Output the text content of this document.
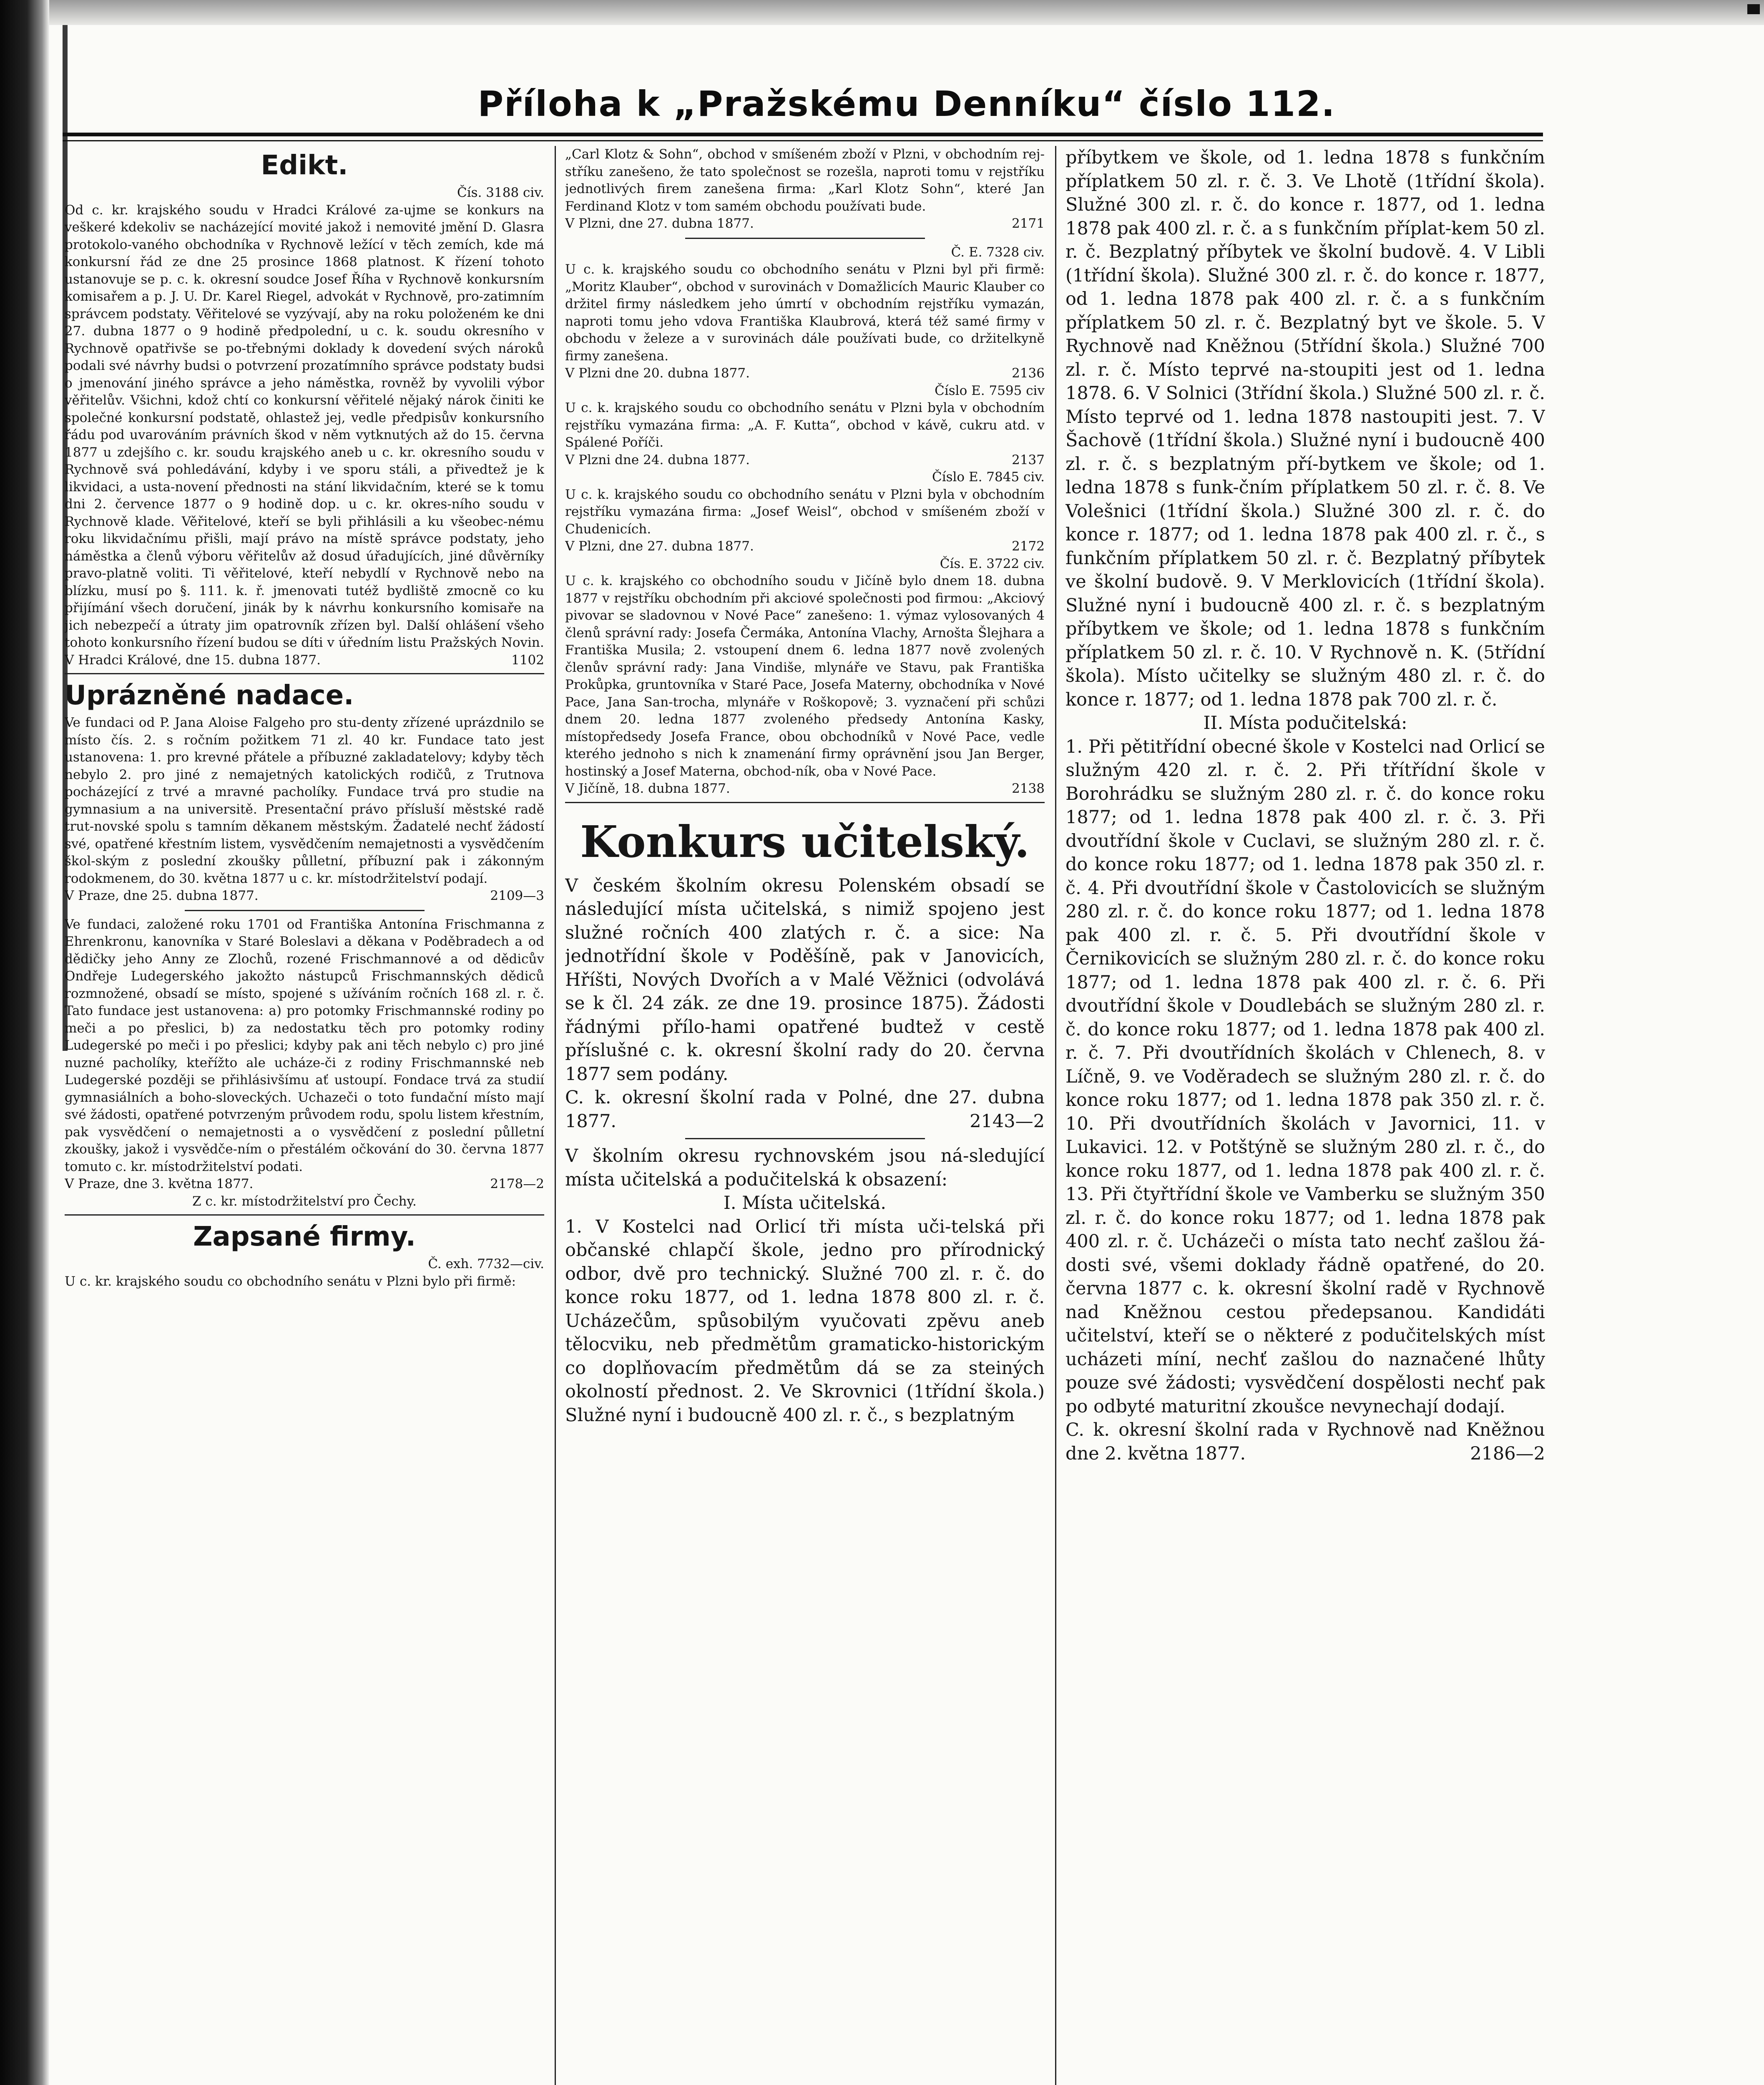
Příloha k „Pražskému Denníku“ číslo 112.
Edikt.

Čís. 3188 civ.

Od c. kr. krajského soudu v Hradci Králové za-ujme se konkurs na veškeré kdekoliv se nacházející movité jakož i nemovité jmění D. Glasra protokolo-vaného obchodníka v Rychnově ležící v těch zemích, kde má konkursní řád ze dne 25 prosince 1868 platnost. K řízení tohoto ustanovuje se p. c. k. okresní soudce Josef Říha v Rychnově konkursním komisařem a p. J. U. Dr. Karel Riegel, advokát v Rychnově, pro-zatimním správcem podstaty. Věřitelové se vyzývají, aby na roku položeném ke dni 27. dubna 1877 o 9 hodině předpolední, u c. k. soudu okresního v Rychnově opatřivše se po-třebnými doklady k dovedení svých nároků podali své návrhy budsi o potvrzení prozatímního správce podstaty budsi o jmenování jiného správce a jeho náměstka, rovněž by vyvolili výbor věřitelův. Všichni, kdož chtí co konkursní věřitelé nějaký nárok činiti ke společné konkursní podstatě, ohlastež jej, vedle předpisův konkursního řádu pod uvarováním právních škod v něm vytknutých až do 15. června 1877 u zdejšího c. kr. soudu krajského aneb u c. kr. okresního soudu v Rychnově svá pohledávání, kdyby i ve sporu stáli, a přivedtež je k likvidaci, a usta-novení přednosti na stání likvidačním, které se k tomu dni 2. července 1877 o 9 hodině dop. u c. kr. okres-ního soudu v Rychnově klade. Věřitelové, kteří se byli přihlásili a ku všeobec-nému roku likvidačnímu přišli, mají právo na místě správce podstaty, jeho náměstka a členů výboru věřitelův až dosud úřadujících, jiné důvěrníky pravo-platně voliti. Ti věřitelové, kteří nebydlí v Rychnově nebo na blízku, musí po §. 111. k. ř. jmenovati tutéž bydliště zmocně co ku přijímání všech doručení, jinák by k návrhu konkursního komisaře na jich nebezpečí a útraty jim opatrovník zřízen byl. Další ohlášení všeho tohoto konkursního řízení budou se díti v úředním listu Pražských Novin.

V Hradci Králové, dne 15. dubna 1877.	1102

Uprázněné nadace.

Ve fundaci od P. Jana Aloise Falgeho pro stu-denty zřízené uprázdnilo se místo čís. 2. s ročním požitkem 71 zl. 40 kr. Fundace tato jest ustanovena: 1. pro krevné přátele a příbuzné zakladatelovy; kdyby těch nebylo 2. pro jiné z nemajetných katolických rodičů, z Trutnova pocházející z trvé a mravné pacholíky. Fundace trvá pro studie na gymnasium a na universitě. Presentační právo přísluší městské radě trut-novské spolu s tamním děkanem městským. Žadatelé nechť žádostí své, opatřené křestním listem, vysvědčením nemajetnosti a vysvědčením škol-ským z poslední zkoušky půlletní, příbuzní pak i zákonným rodokmenem, do 30. května 1877 u c. kr. místodržitelství podají.

V Praze, dne 25. dubna 1877.	2109—3

Ve fundaci, založené roku 1701 od Františka Antonína Frischmanna z Ehrenkronu, kanovníka v Staré Boleslavi a děkana v Poděbradech a od dědičky jeho Anny ze Zlochů, rozené Frischmannové a od dědicův Ondřeje Ludegerského jakožto nástupců Frischmannských dědiců rozmnožené, obsadí se místo, spojené s užíváním ročních 168 zl. r. č. Tato fundace jest ustanovena: a) pro potomky Frischmannské rodiny po meči a po přeslici, b) za nedostatku těch pro potomky rodiny Ludegerské po meči i po přeslici; kdyby pak ani těch nebylo c) pro jiné nuzné pacholíky, kteřížto ale ucháze-či z rodiny Frischmannské neb Ludegerské později se přihlásivšímu ať ustoupí. Fondace trvá za studií gymnasiálních a boho-sloveckých. Uchazeči o toto fundační místo mají své žádosti, opatřené potvrzeným průvodem rodu, spolu listem křestním, pak vysvědčení o nemajetnosti a o vysvědčení z poslední půlletní zkoušky, jakož i vysvědče-ním o přestálém očkování do 30. června 1877 tomuto c. kr. místodržitelství podati.

V Praze, dne 3. května 1877.	2178—2

Z c. kr. místodržitelství pro Čechy.

Zapsané firmy.

Č. exh. 7732—civ.

U c. kr. krajského soudu co obchodního senátu v Plzni bylo při firmě:

„Carl Klotz & Sohn“, obchod v smíšeném zboží v Plzni, v obchodním rej-stříku zanešeno, že tato společnost se rozešla, naproti tomu v rejstříku jednotlivých firem zanešena firma: „Karl Klotz Sohn“, které Jan Ferdinand Klotz v tom samém obchodu používati bude.

V Plzni, dne 27. dubna 1877.	2171

Č. E. 7328 civ.

U c. k. krajského soudu co obchodního senátu v Plzni byl při firmě: „Moritz Klauber“, obchod v surovinách v Domažlicích Mauric Klauber co držitel firmy následkem jeho úmrtí v obchodním rejstříku vymazán, naproti tomu jeho vdova Františka Klaubrová, která též samé firmy v obchodu v železe a v surovinách dále používati bude, co držitelkyně firmy zanešena.

V Plzni dne 20. dubna 1877.	2136

Číslo E. 7595 civ

U c. k. krajského soudu co obchodního senátu v Plzni byla v obchodním rejstříku vymazána firma: „A. F. Kutta“, obchod v kávě, cukru atd. v Spálené Poříči.

V Plzni dne 24. dubna 1877.	2137

Číslo E. 7845 civ.

U c. k. krajského soudu co obchodního senátu v Plzni byla v obchodním rejstříku vymazána firma: „Josef Weisl“, obchod v smíšeném zboží v Chudenicích.

V Plzni, dne 27. dubna 1877.	2172

Čís. E. 3722 civ.

U c. k. krajského co obchodního soudu v Jičíně bylo dnem 18. dubna 1877 v rejstříku obchodním při akciové společnosti pod firmou: „Akciový pivovar se sladovnou v Nové Pace“ zanešeno: 1. výmaz vylosovaných 4 členů správní rady: Josefa Čermáka, Antonína Vlachy, Arnošta Šlejhara a Františka Musila; 2. vstoupení dnem 6. ledna 1877 nově zvolených členův správní rady: Jana Vindiše, mlynáře ve Stavu, pak Františka Prokůpka, gruntovníka v Staré Pace, Josefa Materny, obchodníka v Nové Pace, Jana San-trocha, mlynáře v Roškopově; 3. vyznačení při schůzi dnem 20. ledna 1877 zvoleného předsedy Antonína Kasky, místopředsedy Josefa France, obou obchodníků v Nové Pace, vedle kterého jednoho s nich k znamenání firmy oprávnění jsou Jan Berger, hostinský a Josef Materna, obchod-ník, oba v Nové Pace.

V Jičíně, 18. dubna 1877.	2138

Konkurs učitelský.

V českém školním okresu Polenském obsadí se následující místa učitelská, s nimiž spojeno jest služné ročních 400 zlatých r. č. a sice: Na jednotřídní škole v Poděšíně, pak v Janovicích, Hříšti, Nových Dvořích a v Malé Věžnici (odvolává se k čl. 24 zák. ze dne 19. prosince 1875). Žádosti řádnými přílo-hami opatřené budtež v cestě příslušné c. k. okresní školní rady do 20. června 1877 sem podány.

C. k. okresní školní rada v Polné, dne 27. dubna 1877.	2143—2

V školním okresu rychnovském jsou ná-sledující místa učitelská a podučitelská k obsazení:

I. Místa učitelská.

1. V Kostelci nad Orlicí tři místa uči-telská při občanské chlapčí škole, jedno pro přírodnický odbor, dvě pro technický. Služné 700 zl. r. č. do konce roku 1877, od 1. ledna 1878 800 zl. r. č. Ucházečům, spůsobilým vyučovati zpěvu aneb tělocviku, neb předmětům gramaticko-historickým co doplňovacím předmětům dá se za steiných okolností přednost. 2. Ve Skrovnici (1třídní škola.) Služné nyní i budoucně 400 zl. r. č., s bezplatným

příbytkem ve škole, od 1. ledna 1878 s funkčním příplatkem 50 zl. r. č. 3. Ve Lhotě (1třídní škola). Služné 300 zl. r. č. do konce r. 1877, od 1. ledna 1878 pak 400 zl. r. č. a s funkčním příplat-kem 50 zl. r. č. Bezplatný příbytek ve školní budově. 4. V Libli (1třídní škola). Služné 300 zl. r. č. do konce r. 1877, od 1. ledna 1878 pak 400 zl. r. č. a s funkčním příplatkem 50 zl. r. č. Bezplatný byt ve škole. 5. V Rychnově nad Kněžnou (5třídní škola.) Služné 700 zl. r. č. Místo teprvé na-stoupiti jest od 1. ledna 1878. 6. V Solnici (3třídní škola.) Služné 500 zl. r. č. Místo teprvé od 1. ledna 1878 nastoupiti jest. 7. V Šachově (1třídní škola.) Služné nyní i budoucně 400 zl. r. č. s bezplatným pří-bytkem ve škole; od 1. ledna 1878 s funk-čním příplatkem 50 zl. r. č. 8. Ve Volešnici (1třídní škola.) Služné 300 zl. r. č. do konce r. 1877; od 1. ledna 1878 pak 400 zl. r. č., s funkčním příplatkem 50 zl. r. č. Bezplatný příbytek ve školní budově. 9. V Merklovicích (1třídní škola). Služné nyní i budoucně 400 zl. r. č. s bezplatným příbytkem ve škole; od 1. ledna 1878 s funkčním příplatkem 50 zl. r. č. 10. V Rychnově n. K. (5třídní škola). Místo učitelky se služným 480 zl. r. č. do konce r. 1877; od 1. ledna 1878 pak 700 zl. r. č.

II. Místa podučitelská:

1. Při pětitřídní obecné škole v Kostelci nad Orlicí se služným 420 zl. r. č. 2. Při třítřídní škole v Borohrádku se služným 280 zl. r. č. do konce roku 1877; od 1. ledna 1878 pak 400 zl. r. č. 3. Při dvoutřídní škole v Cuclavi, se služným 280 zl. r. č. do konce roku 1877; od 1. ledna 1878 pak 350 zl. r. č. 4. Při dvoutřídní škole v Častolovicích se služným 280 zl. r. č. do konce roku 1877; od 1. ledna 1878 pak 400 zl. r. č. 5. Při dvoutřídní škole v Černikovicích se služným 280 zl. r. č. do konce roku 1877; od 1. ledna 1878 pak 400 zl. r. č. 6. Při dvoutřídní škole v Doudlebách se služným 280 zl. r. č. do konce roku 1877; od 1. ledna 1878 pak 400 zl. r. č. 7. Při dvoutřídních školách v Chlenech, 8. v Líčně, 9. ve Voděradech se služným 280 zl. r. č. do konce roku 1877; od 1. ledna 1878 pak 350 zl. r. č. 10. Při dvoutřídních školách v Javornici, 11. v Lukavici. 12. v Potštýně se služným 280 zl. r. č., do konce roku 1877, od 1. ledna 1878 pak 400 zl. r. č. 13. Při čtyřtřídní škole ve Vamberku se služným 350 zl. r. č. do konce roku 1877; od 1. ledna 1878 pak 400 zl. r. č. Ucházeči o místa tato nechť zašlou žá-dosti své, všemi doklady řádně opatřené, do 20. června 1877 c. k. okresní školní radě v Rychnově nad Kněžnou cestou předepsanou. Kandidáti učitelství, kteří se o některé z podučitelských míst ucházeti míní, nechť zašlou do naznačené lhůty pouze své žádosti; vysvědčení dospělosti nechť pak po odbyté maturitní zkoušce nevynechají dodají.

C. k. okresní školní rada v Rychnově nad Kněžnou dne 2. května 1877.	2186—2
